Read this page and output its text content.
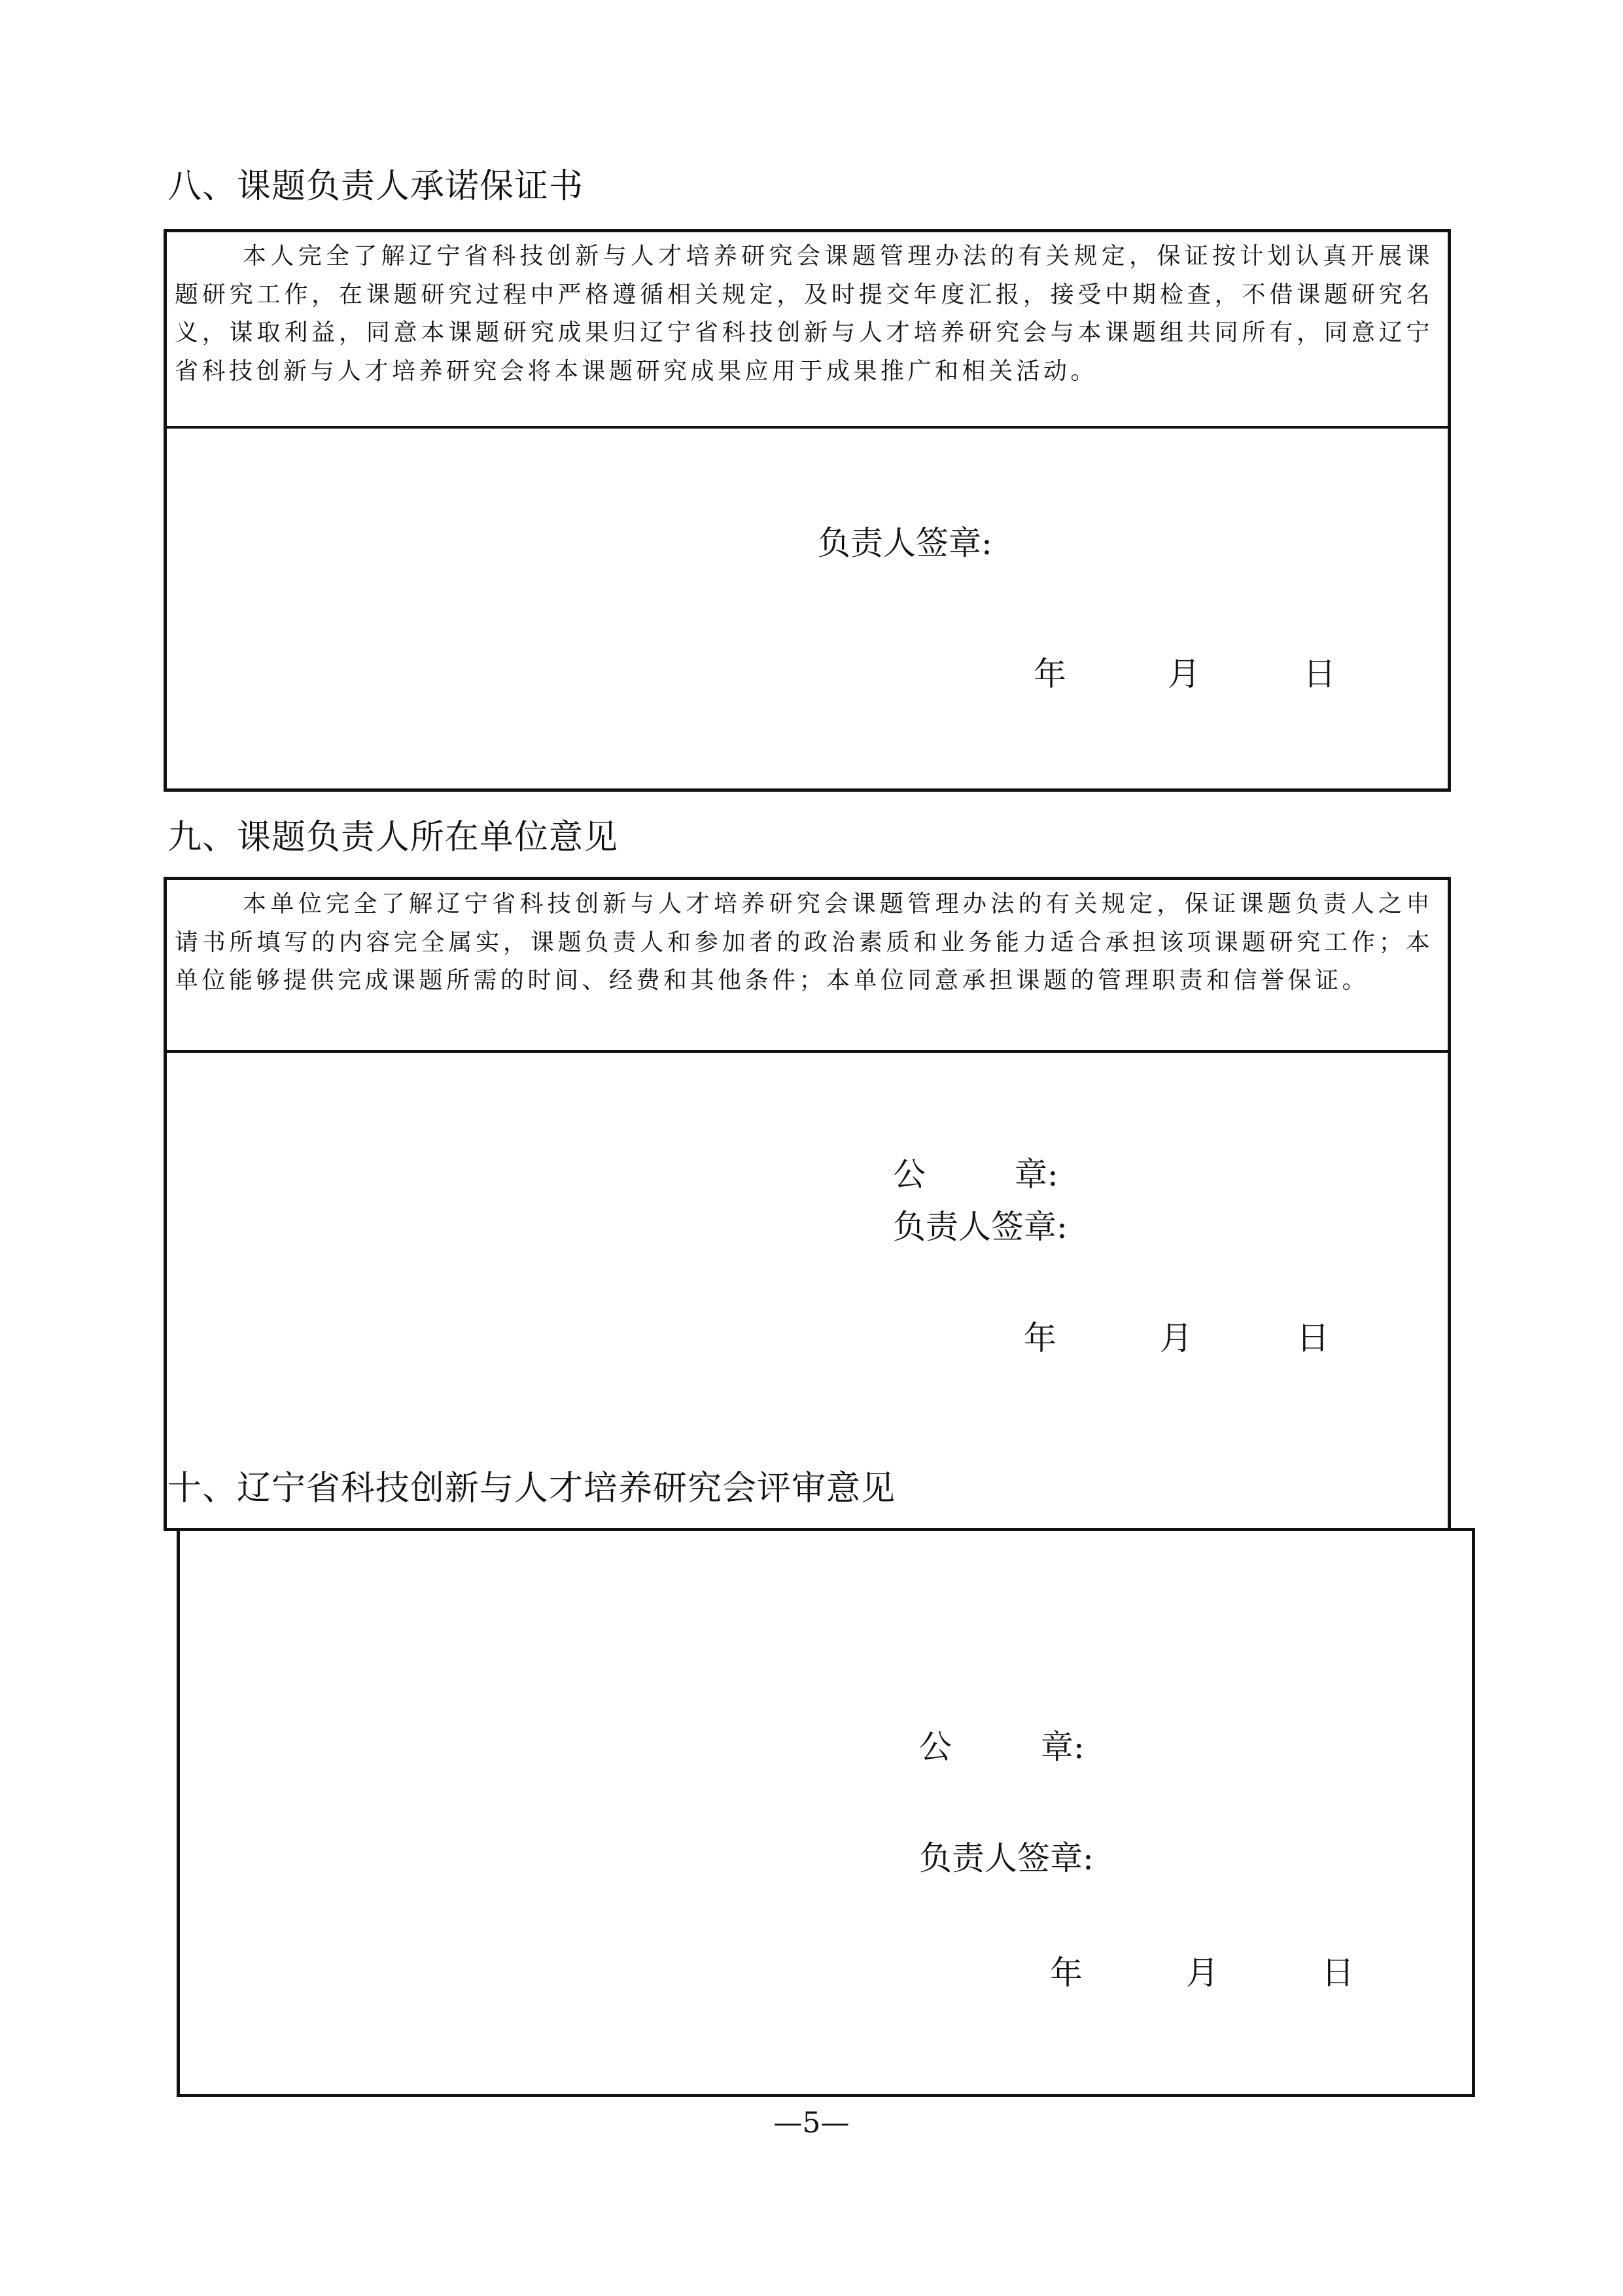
八、课题负责人承诺保证书
本人完全了解辽宁省科技创新与人才培养研究会课题管理办法的有关规定，保证按计划认真开展课题研究工作，在课题研究过程中严格遵循相关规定，及时提交年度汇报，接受中期检查，不借课题研究名义，谋取利益，同意本课题研究成果归辽宁省科技创新与人才培养研究会与本课题组共同所有，同意辽宁省科技创新与人才培养研究会将本课题研究成果应用于成果推广和相关活动。
负责人签章:
年	月	日
九、课题负责人所在单位意见
本单位完全了解辽宁省科技创新与人才培养研究会课题管理办法的有关规定，保证课题负责人之申请书所填写的内容完全属实，课题负责人和参加者的政治素质和业务能力适合承担该项课题研究工作；本单位能够提供完成课题所需的时间、经费和其他条件；本单位同意承担课题的管理职责和信誉保证。
公 章:
负责人签章:
年	月	日
十、辽宁省科技创新与人才培养研究会评审意见
公 章:
负责人签章:
年	月	日
—5—
